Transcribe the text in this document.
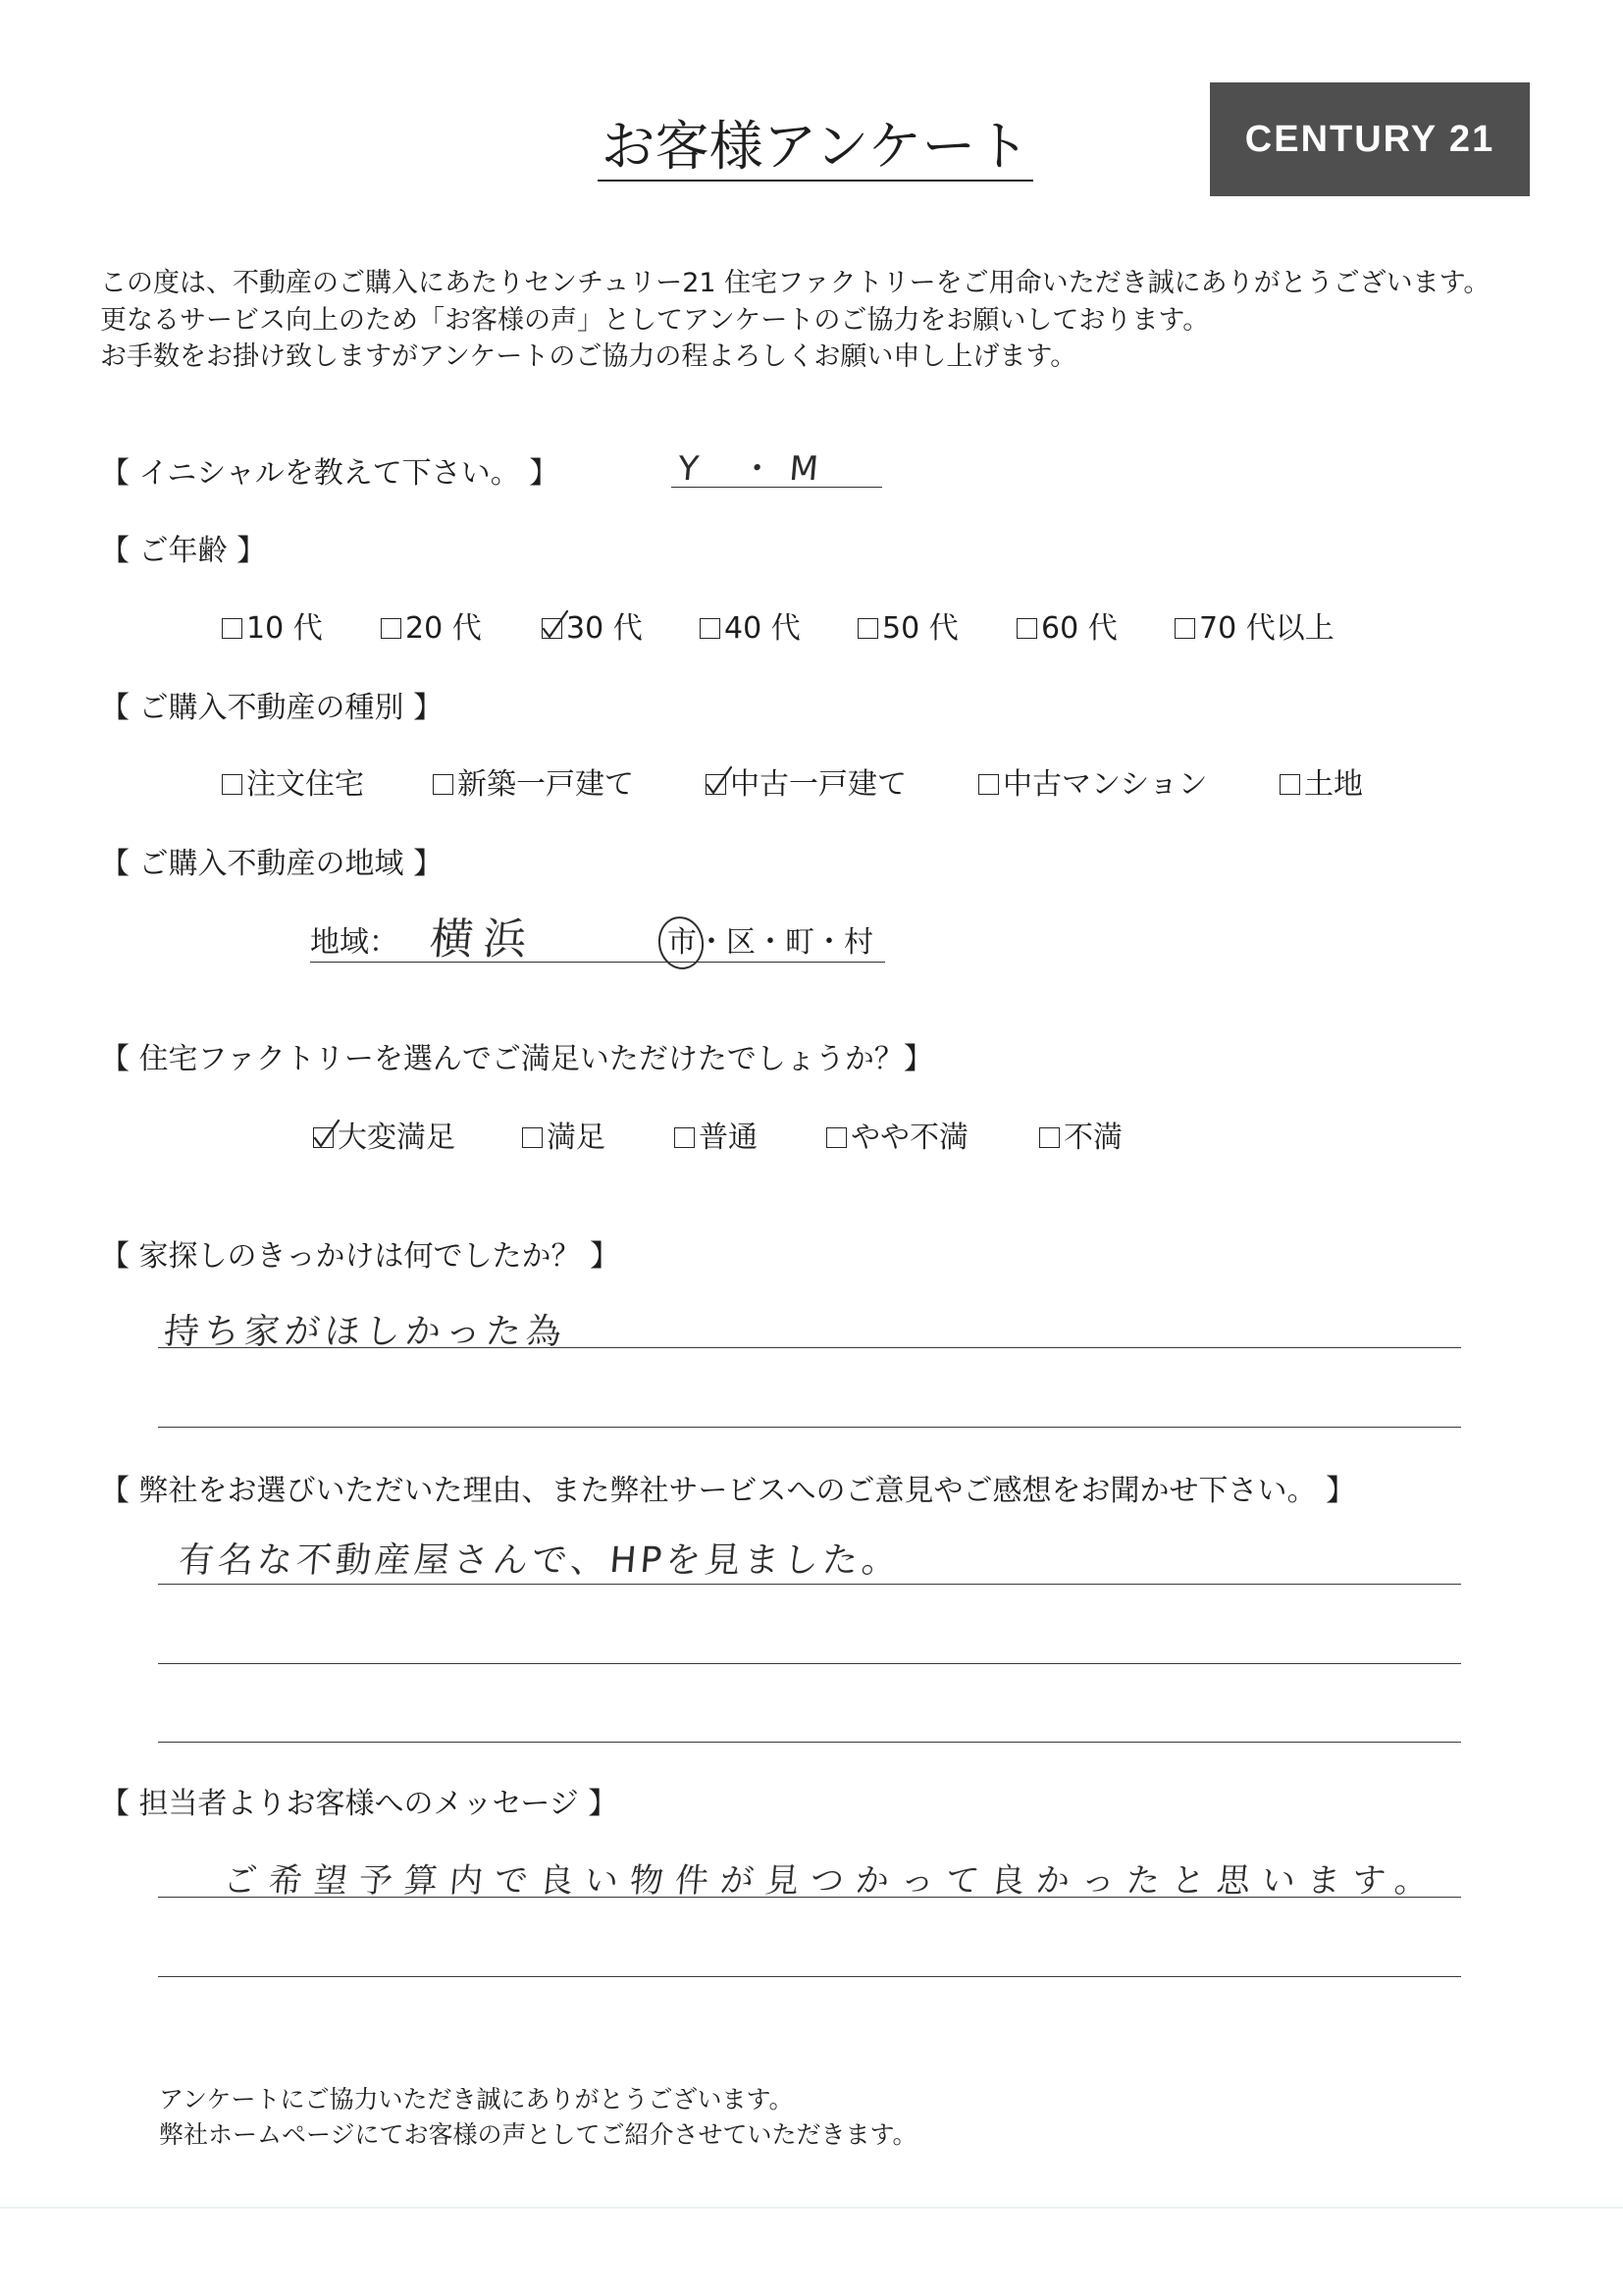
お客様アンケート	CENTURY 21
この度は、不動産のご購入にあたりセンチュリー21 住宅ファクトリーをご用命いただき誠にありがとうございます。
更なるサービス向上のため「お客様の声」としてアンケートのご協力をお願いしております。
お手数をお掛け致しますがアンケートのご協力の程よろしくお願い申し上げます。
【 イニシャルを教えて下さい。 】	Y ・M
【 ご年齢 】
10 代	20 代	30 代	40 代	50 代	60 代	70 代以上
【 ご購入不動産の種別 】
注文住宅	新築一戸建て	中古一戸建て	中古マンション	土地
【 ご購入不動産の地域 】
地域： 横浜	市・区・町・村
【 住宅ファクトリーを選んでご満足いただけたでしょうか？】
大変満足	満足	普通	やや不満	不満
【 家探しのきっかけは何でしたか？ 】
持ち家がほしかった為
【 弊社をお選びいただいた理由、また弊社サービスへのご意見やご感想をお聞かせ下さい。 】
有名な不動産屋さんで、HPを見ました。
【 担当者よりお客様へのメッセージ 】
ご希望予算内で良い物件が見つかって良かったと思います。
アンケートにご協力いただき誠にありがとうございます。
弊社ホームページにてお客様の声としてご紹介させていただきます。
